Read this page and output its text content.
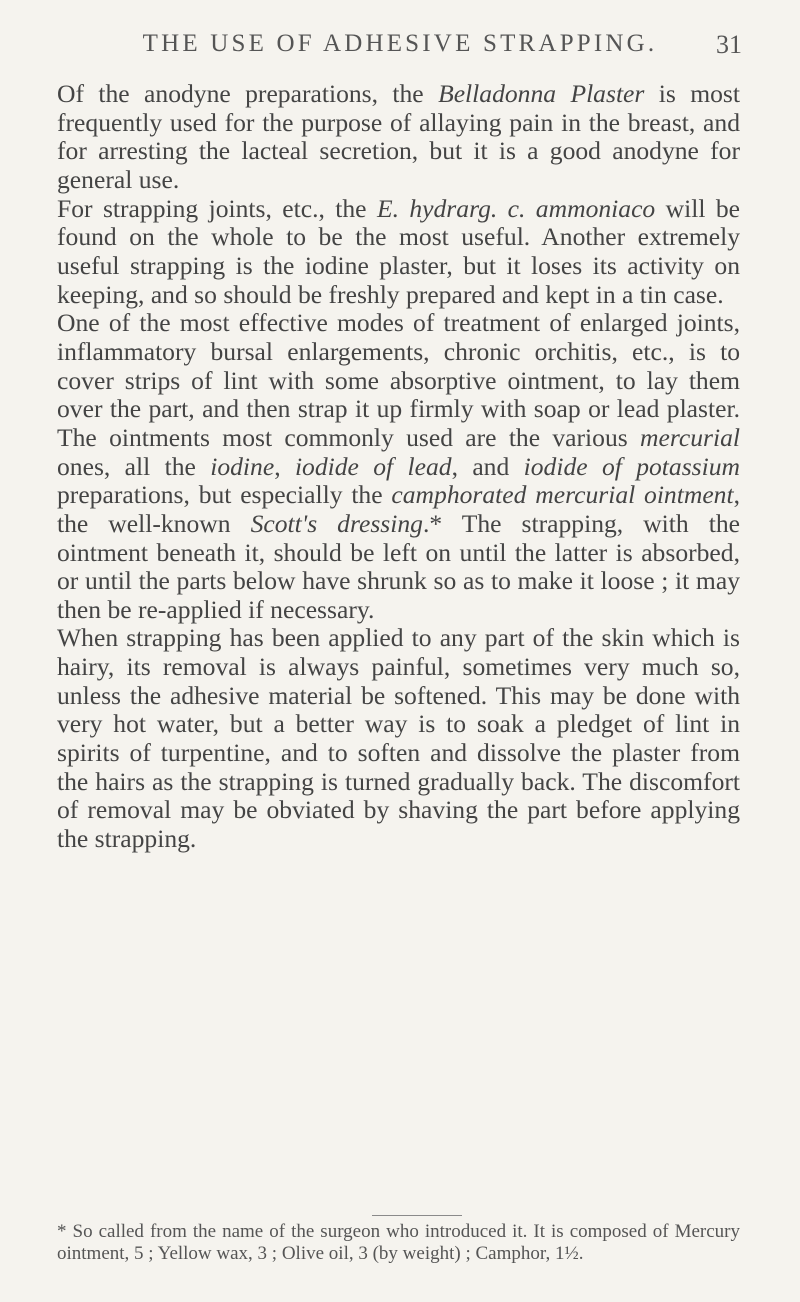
THE USE OF ADHESIVE STRAPPING.	31

Of the anodyne preparations, the Belladonna Plaster is most frequently used for the purpose of allaying pain in the breast, and for arresting the lacteal secretion, but it is a good anodyne for general use.

For strapping joints, etc., the E. hydrarg. c. ammoniaco will be found on the whole to be the most useful. Another extremely useful strapping is the iodine plaster, but it loses its activity on keeping, and so should be freshly prepared and kept in a tin case.

One of the most effective modes of treatment of enlarged joints, inflammatory bursal enlargements, chronic orchitis, etc., is to cover strips of lint with some absorptive ointment, to lay them over the part, and then strap it up firmly with soap or lead plaster. The ointments most commonly used are the various mercurial ones, all the iodine, iodide of lead, and iodide of potassium preparations, but especially the camphorated mercurial ointment, the well-known Scott's dressing.* The strapping, with the ointment beneath it, should be left on until the latter is absorbed, or until the parts below have shrunk so as to make it loose ; it may then be re-applied if necessary.

When strapping has been applied to any part of the skin which is hairy, its removal is always painful, sometimes very much so, unless the adhesive material be softened. This may be done with very hot water, but a better way is to soak a pledget of lint in spirits of turpentine, and to soften and dissolve the plaster from the hairs as the strapping is turned gradually back. The discomfort of removal may be obviated by shaving the part before applying the strapping.

* So called from the name of the surgeon who introduced it. It is composed of Mercury ointment, 5 ; Yellow wax, 3 ; Olive oil, 3 (by weight) ; Camphor, 1½.
